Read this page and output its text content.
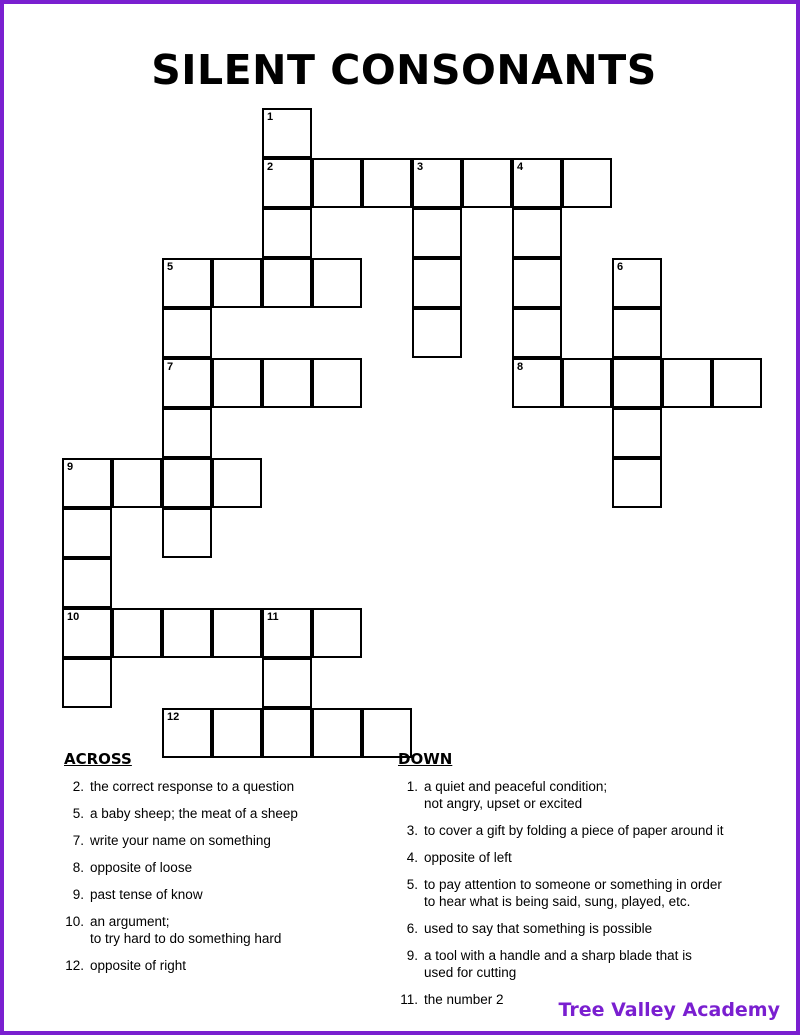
SILENT CONSONANTS
1
2	3	4
5	6
7	8
9
10	11
12
ACROSS
2. the correct response to a question
5. a baby sheep; the meat of a sheep
7. write your name on something
8. opposite of loose
9. past tense of know
10. an argument;
to try hard to do something hard
12. opposite of right
DOWN
1. a quiet and peaceful condition;
not angry, upset or excited
3. to cover a gift by folding a piece of paper around it
4. opposite of left
5. to pay attention to someone or something in order
to hear what is being said, sung, played, etc.
6. used to say that something is possible
9. a tool with a handle and a sharp blade that is
used for cutting
11. the number 2	Tree Valley Academy
